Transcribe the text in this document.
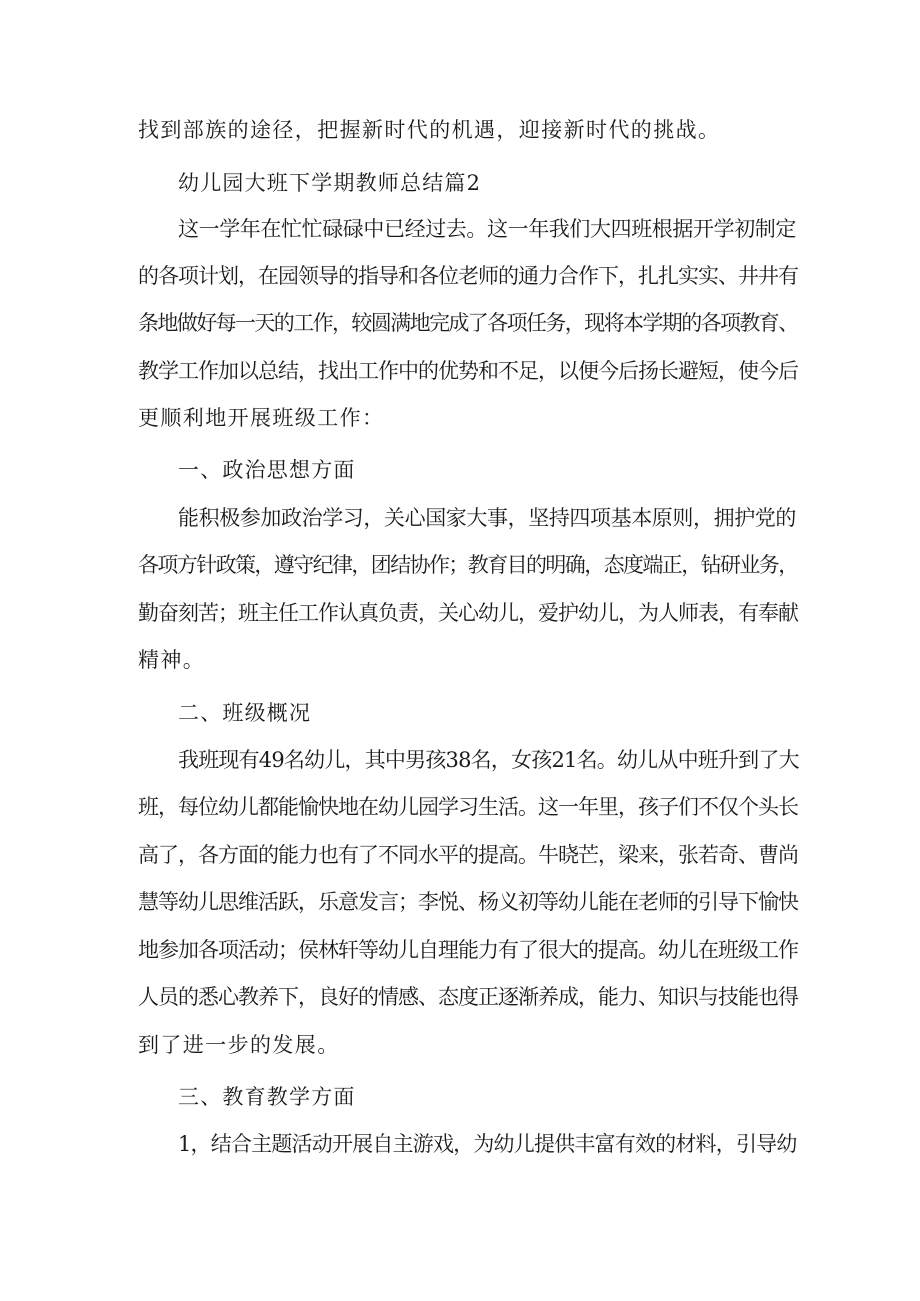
找到部族的途径，把握新时代的机遇，迎接新时代的挑战。

幼儿园大班下学期教师总结篇2

这一学年在忙忙碌碌中已经过去。这一年我们大四班根据开学初制定

的各项计划，在园领导的指导和各位老师的通力合作下，扎扎实实、井井有

条地做好每一天的工作，较圆满地完成了各项任务，现将本学期的各项教育、

教学工作加以总结，找出工作中的优势和不足，以便今后扬长避短，使今后

更顺利地开展班级工作：

一、政治思想方面

能积极参加政治学习，关心国家大事，坚持四项基本原则，拥护党的

各项方针政策，遵守纪律，团结协作；教育目的明确，态度端正，钻研业务，

勤奋刻苦；班主任工作认真负责，关心幼儿，爱护幼儿，为人师表，有奉献

精神。

二、班级概况

我班现有49名幼儿，其中男孩38名，女孩21名。幼儿从中班升到了大

班，每位幼儿都能愉快地在幼儿园学习生活。这一年里，孩子们不仅个头长

高了，各方面的能力也有了不同水平的提高。牛晓芒，梁来，张若奇、曹尚

慧等幼儿思维活跃，乐意发言；李悦、杨义初等幼儿能在老师的引导下愉快

地参加各项活动；侯林轩等幼儿自理能力有了很大的提高。幼儿在班级工作

人员的悉心教养下，良好的情感、态度正逐渐养成，能力、知识与技能也得

到了进一步的发展。

三、教育教学方面

1，结合主题活动开展自主游戏，为幼儿提供丰富有效的材料，引导幼
